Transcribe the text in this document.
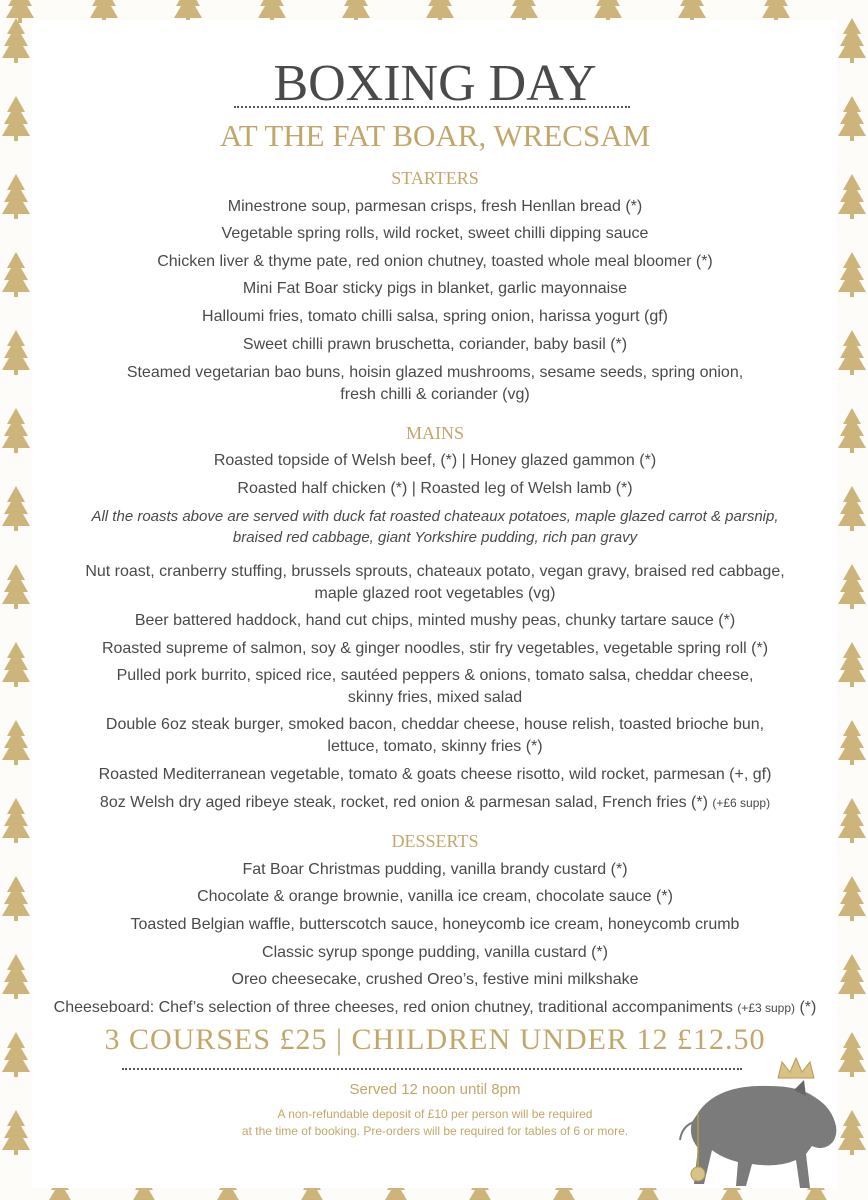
BOXING DAY
AT THE FAT BOAR, WRECSAM
STARTERS
Minestrone soup, parmesan crisps, fresh Henllan bread (*)
Vegetable spring rolls, wild rocket, sweet chilli dipping sauce
Chicken liver & thyme pate, red onion chutney, toasted whole meal bloomer (*)
Mini Fat Boar sticky pigs in blanket, garlic mayonnaise
Halloumi fries, tomato chilli salsa, spring onion, harissa yogurt (gf)
Sweet chilli prawn bruschetta, coriander, baby basil (*)
Steamed vegetarian bao buns, hoisin glazed mushrooms, sesame seeds, spring onion,
fresh chilli & coriander (vg)
MAINS
Roasted topside of Welsh beef, (*) | Honey glazed gammon (*)
Roasted half chicken (*) | Roasted leg of Welsh lamb (*)
All the roasts above are served with duck fat roasted chateaux potatoes, maple glazed carrot & parsnip,
braised red cabbage, giant Yorkshire pudding, rich pan gravy
Nut roast, cranberry stuffing, brussels sprouts, chateaux potato, vegan gravy, braised red cabbage,
maple glazed root vegetables (vg)
Beer battered haddock, hand cut chips, minted mushy peas, chunky tartare sauce (*)
Roasted supreme of salmon, soy & ginger noodles, stir fry vegetables, vegetable spring roll (*)
Pulled pork burrito, spiced rice, sautéed peppers & onions, tomato salsa, cheddar cheese,
skinny fries, mixed salad
Double 6oz steak burger, smoked bacon, cheddar cheese, house relish, toasted brioche bun,
lettuce, tomato, skinny fries (*)
Roasted Mediterranean vegetable, tomato & goats cheese risotto, wild rocket, parmesan (+, gf)
8oz Welsh dry aged ribeye steak, rocket, red onion & parmesan salad, French fries (*) (+£6 supp)
DESSERTS
Fat Boar Christmas pudding, vanilla brandy custard (*)
Chocolate & orange brownie, vanilla ice cream, chocolate sauce (*)
Toasted Belgian waffle, butterscotch sauce, honeycomb ice cream, honeycomb crumb
Classic syrup sponge pudding, vanilla custard (*)
Oreo cheesecake, crushed Oreo’s, festive mini milkshake
Cheeseboard: Chef’s selection of three cheeses, red onion chutney, traditional accompaniments (+£3 supp) (*)
3 COURSES £25 | CHILDREN UNDER 12 £12.50
Served 12 noon until 8pm
A non-refundable deposit of £10 per person will be required
at the time of booking. Pre-orders will be required for tables of 6 or more.
